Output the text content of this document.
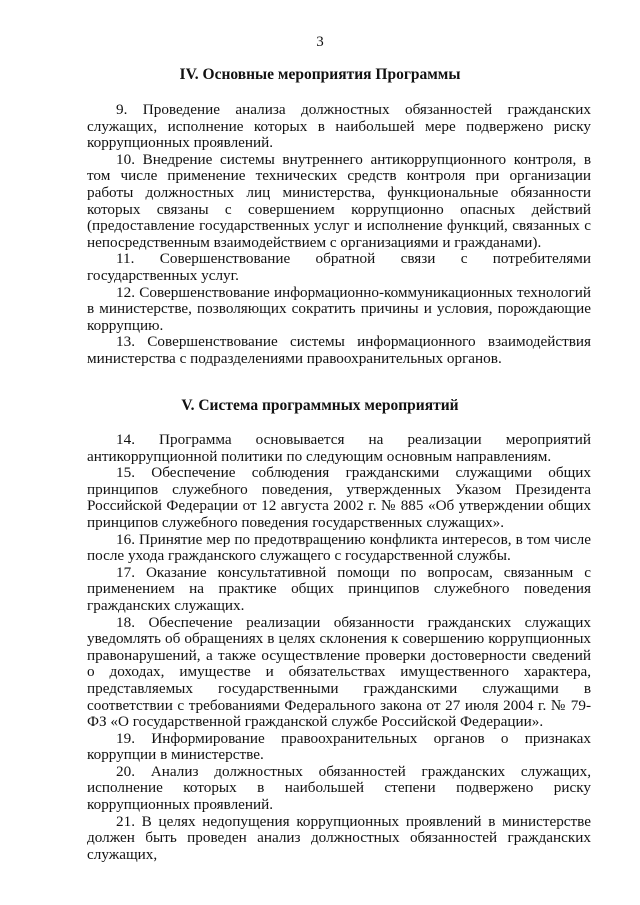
3
IV. Основные мероприятия Программы

9. Проведение анализа должностных обязанностей гражданских служащих, исполнение которых в наибольшей мере подвержено риску коррупционных проявлений.

10. Внедрение системы внутреннего антикоррупционного контроля, в том числе применение технических средств контроля при организации работы должностных лиц министерства, функциональные обязанности которых связаны с совершением коррупционно опасных действий (предоставление государственных услуг и исполнение функций, связанных с непосредственным взаимодействием с организациями и гражданами).

11. Совершенствование обратной связи с потребителями государственных услуг.

12. Совершенствование информационно-коммуникационных технологий в министерстве, позволяющих сократить причины и условия, порождающие коррупцию.

13. Совершенствование системы информационного взаимодействия министерства с подразделениями правоохранительных органов.

V. Система программных мероприятий

14. Программа основывается на реализации мероприятий антикоррупционной политики по следующим основным направлениям.

15. Обеспечение соблюдения гражданскими служащими общих принципов служебного поведения, утвержденных Указом Президента Российской Федерации от 12 августа 2002 г. № 885 «Об утверждении общих принципов служебного поведения государственных служащих».

16. Принятие мер по предотвращению конфликта интересов, в том числе после ухода гражданского служащего с государственной службы.

17. Оказание консультативной помощи по вопросам, связанным с применением на практике общих принципов служебного поведения гражданских служащих.

18. Обеспечение реализации обязанности гражданских служащих уведомлять об обращениях в целях склонения к совершению коррупционных правонарушений, а также осуществление проверки достоверности сведений о доходах, имуществе и обязательствах имущественного характера, представляемых государственными гражданскими служащими в соответствии с требованиями Федерального закона от 27 июля 2004 г. № 79-ФЗ «О государственной гражданской службе Российской Федерации».

19. Информирование правоохранительных органов о признаках коррупции в министерстве.

20. Анализ должностных обязанностей гражданских служащих, исполнение которых в наибольшей степени подвержено риску коррупционных проявлений.

21. В целях недопущения коррупционных проявлений в министерстве должен быть проведен анализ должностных обязанностей гражданских служащих,
